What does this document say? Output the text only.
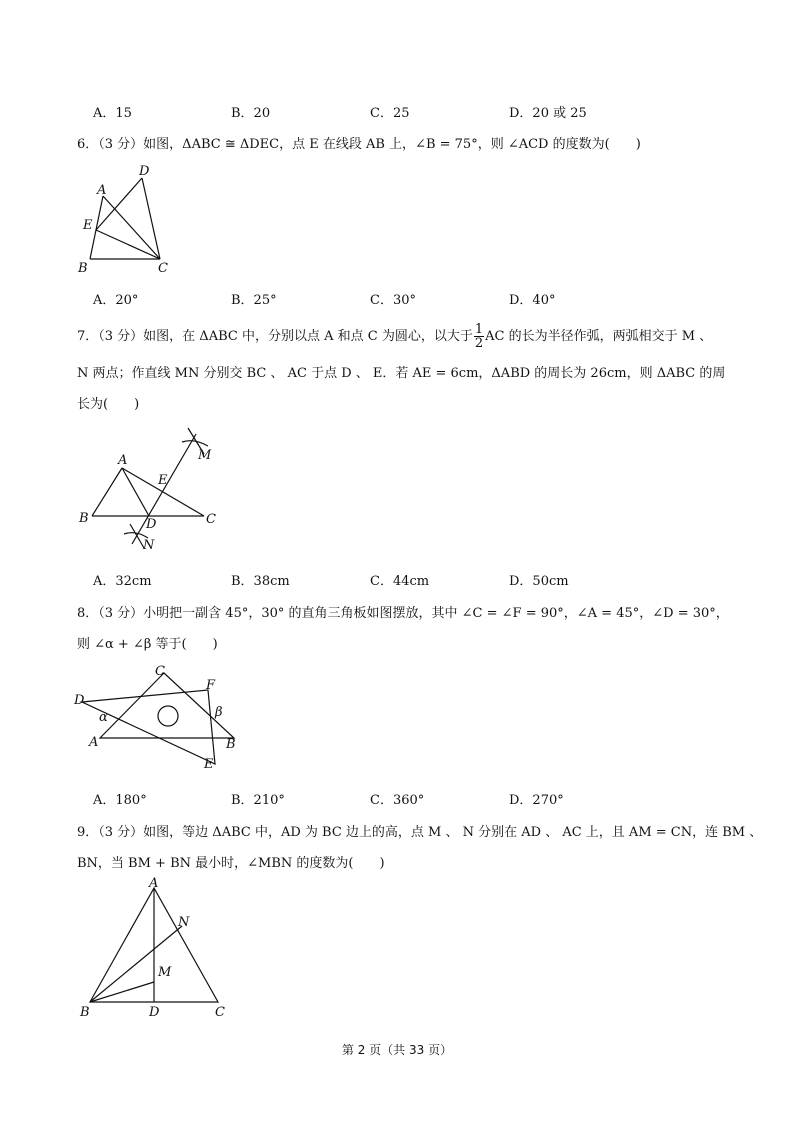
A．15	B．20	C．25	D．20 或 25
6．（3 分）如图，ΔABC ≅ ΔDEC，点 E 在线段 AB 上，∠B = 75°，则 ∠ACD 的度数为(　　)
A
B	C
D
E
A．20°	B．25°	C．30°	D．40°
7．（3 分）如图，在 ΔABC 中，分别以点 A 和点 C 为圆心，以大于 $\frac{1}{2}$ AC 的长为半径作弧，两弧相交于 M 、
N 两点；作直线 MN 分别交 BC 、 AC 于点 D 、 E．若 AE = 6cm，ΔABD 的周长为 26cm，则 ΔABC 的周
长为(　　)
A
B	C
D
E
M
N
A．32cm	B．38cm	C．44cm	D．50cm
8．（3 分）小明把一副含 45°，30° 的直角三角板如图摆放，其中 ∠C = ∠F = 90°，∠A = 45°，∠D = 30°，
则 ∠α + ∠β 等于(　　)
C
D
A
F
B
E
α	β
A．180°	B．210°	C．360°	D．270°
9．（3 分）如图，等边 ΔABC 中，AD 为 BC 边上的高，点 M 、 N 分别在 AD 、 AC 上，且 AM = CN，连 BM 、
BN，当 BM + BN 最小时，∠MBN 的度数为(　　)
A
B	C
D
M
N
第 2 页（共 33 页）
